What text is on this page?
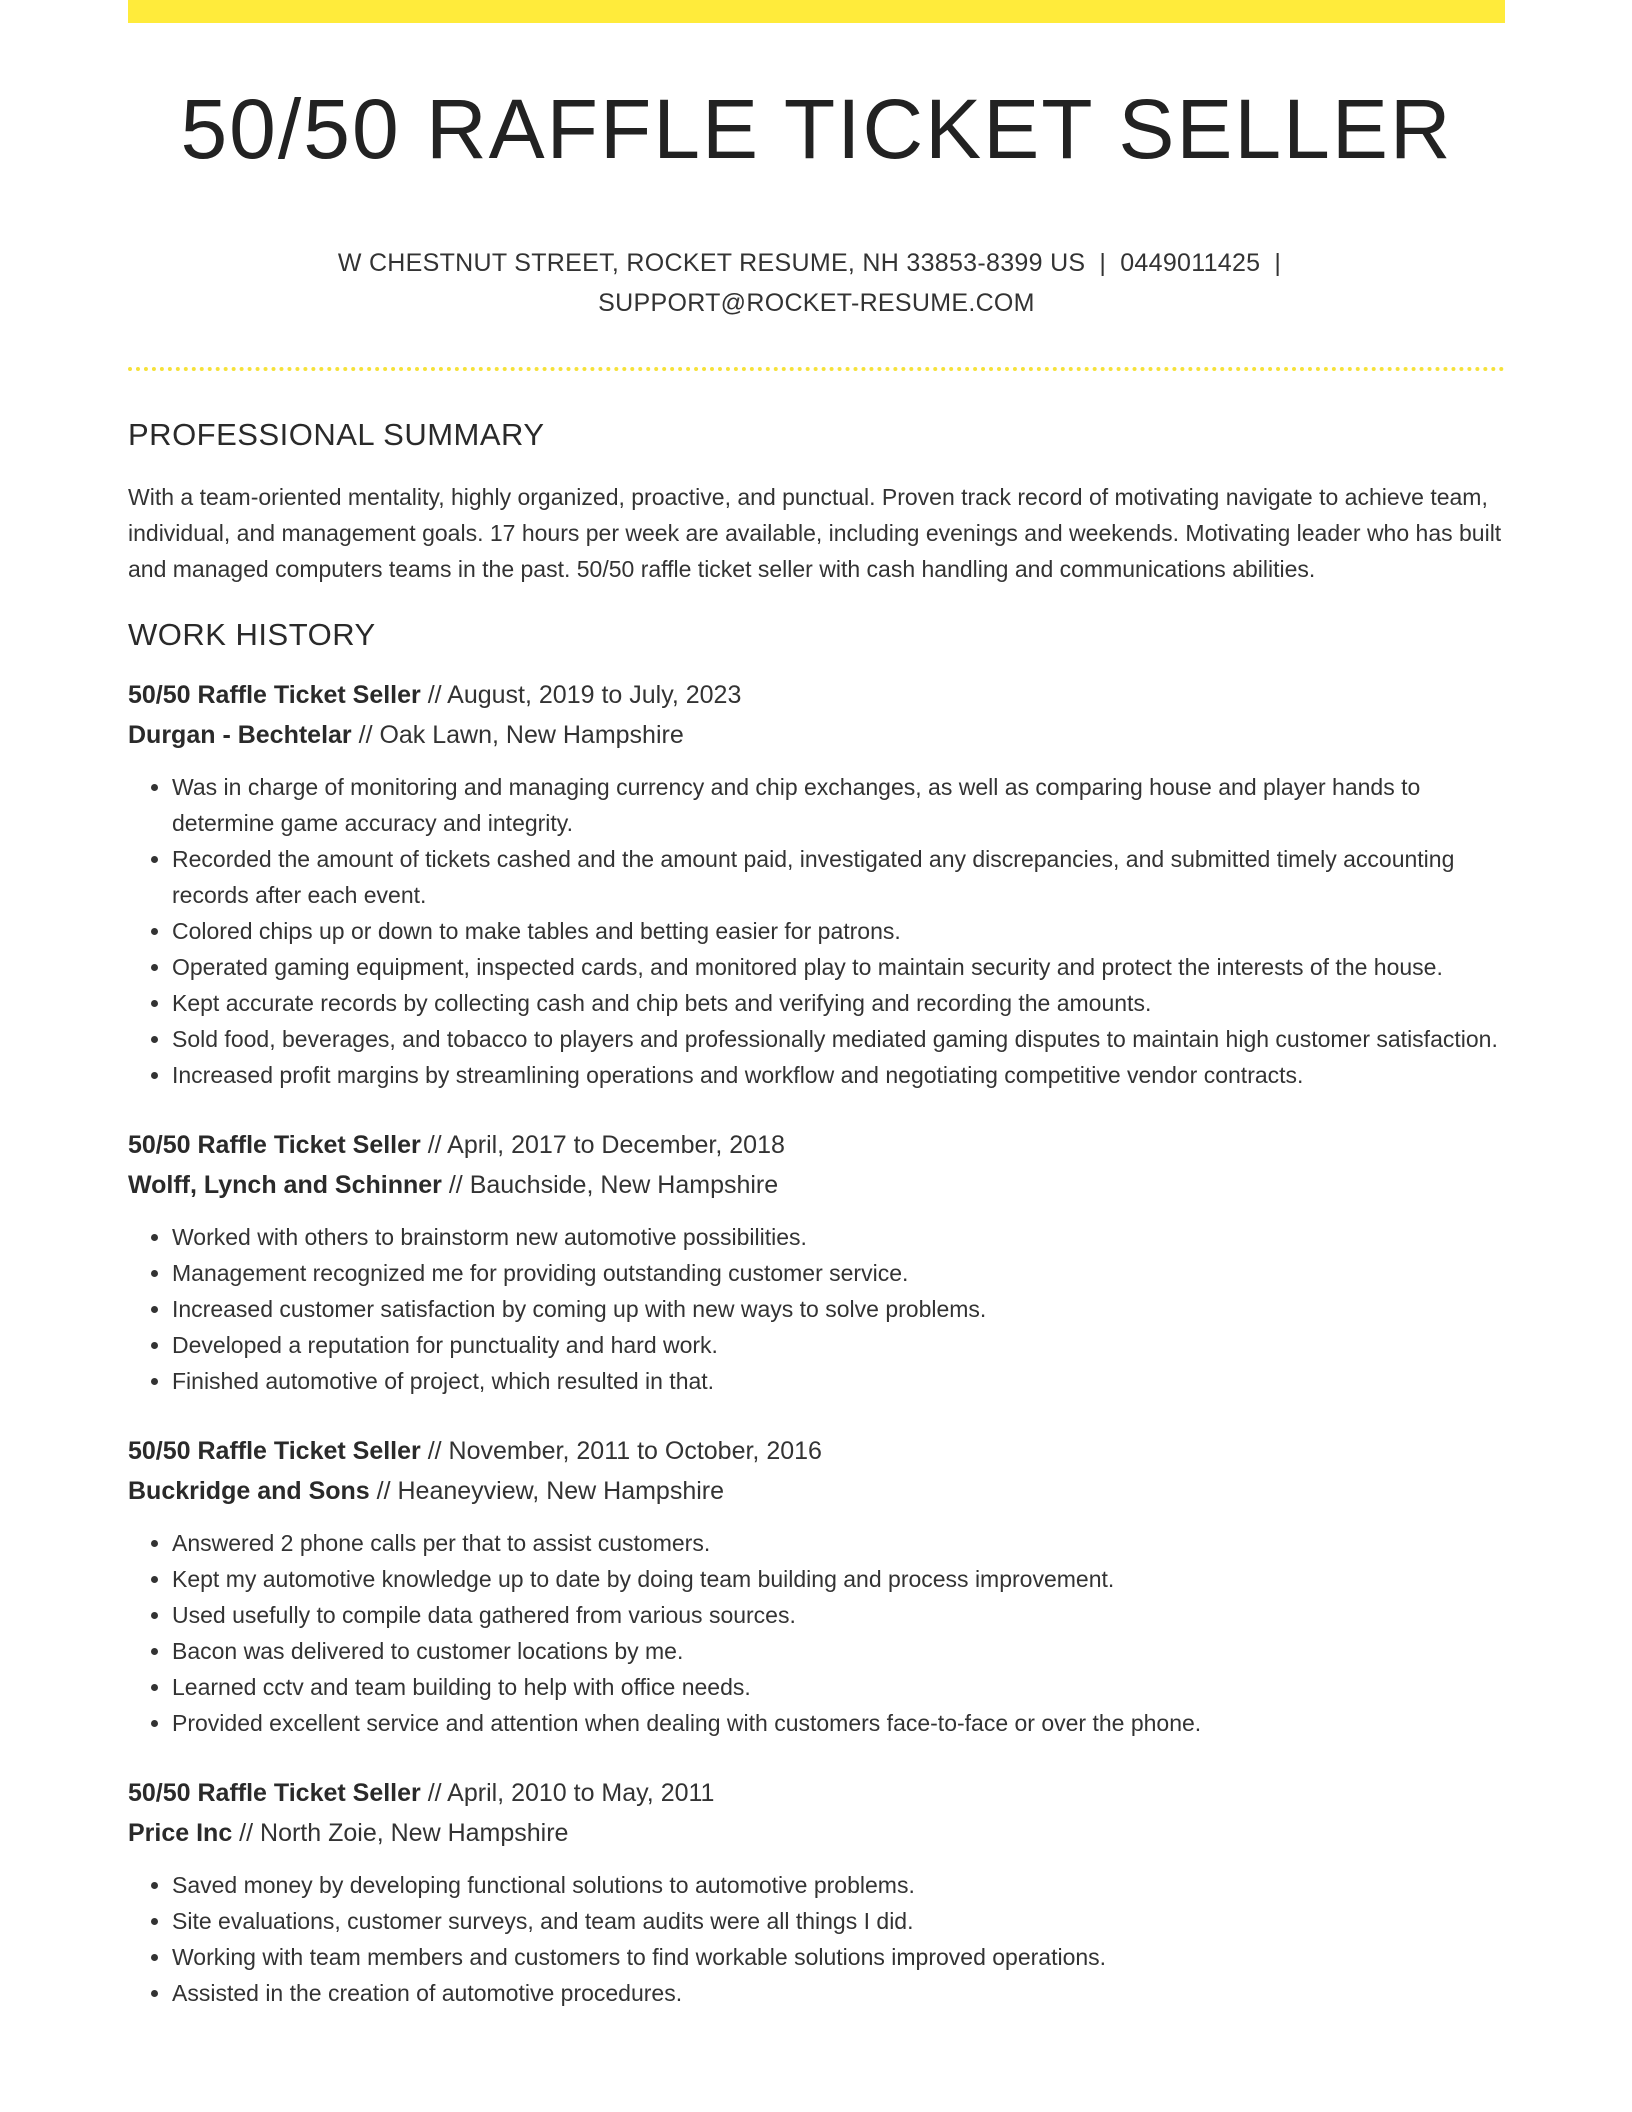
50/50 RAFFLE TICKET SELLER
W CHESTNUT STREET, ROCKET RESUME, NH 33853-8399 US | 0449011425 |
SUPPORT@ROCKET-RESUME.COM
PROFESSIONAL SUMMARY
With a team-oriented mentality, highly organized, proactive, and punctual. Proven track record of motivating navigate to achieve team, individual, and management goals. 17 hours per week are available, including evenings and weekends. Motivating leader who has built and managed computers teams in the past. 50/50 raffle ticket seller with cash handling and communications abilities.
WORK HISTORY
50/50 Raffle Ticket Seller // August, 2019 to July, 2023
Durgan - Bechtelar // Oak Lawn, New Hampshire
• Was in charge of monitoring and managing currency and chip exchanges, as well as comparing house and player hands to determine game accuracy and integrity.
• Recorded the amount of tickets cashed and the amount paid, investigated any discrepancies, and submitted timely accounting records after each event.
• Colored chips up or down to make tables and betting easier for patrons.
• Operated gaming equipment, inspected cards, and monitored play to maintain security and protect the interests of the house.
• Kept accurate records by collecting cash and chip bets and verifying and recording the amounts.
• Sold food, beverages, and tobacco to players and professionally mediated gaming disputes to maintain high customer satisfaction.
• Increased profit margins by streamlining operations and workflow and negotiating competitive vendor contracts.
50/50 Raffle Ticket Seller // April, 2017 to December, 2018
Wolff, Lynch and Schinner // Bauchside, New Hampshire
• Worked with others to brainstorm new automotive possibilities.
• Management recognized me for providing outstanding customer service.
• Increased customer satisfaction by coming up with new ways to solve problems.
• Developed a reputation for punctuality and hard work.
• Finished automotive of project, which resulted in that.
50/50 Raffle Ticket Seller // November, 2011 to October, 2016
Buckridge and Sons // Heaneyview, New Hampshire
• Answered 2 phone calls per that to assist customers.
• Kept my automotive knowledge up to date by doing team building and process improvement.
• Used usefully to compile data gathered from various sources.
• Bacon was delivered to customer locations by me.
• Learned cctv and team building to help with office needs.
• Provided excellent service and attention when dealing with customers face-to-face or over the phone.
50/50 Raffle Ticket Seller // April, 2010 to May, 2011
Price Inc // North Zoie, New Hampshire
• Saved money by developing functional solutions to automotive problems.
• Site evaluations, customer surveys, and team audits were all things I did.
• Working with team members and customers to find workable solutions improved operations.
• Assisted in the creation of automotive procedures.
